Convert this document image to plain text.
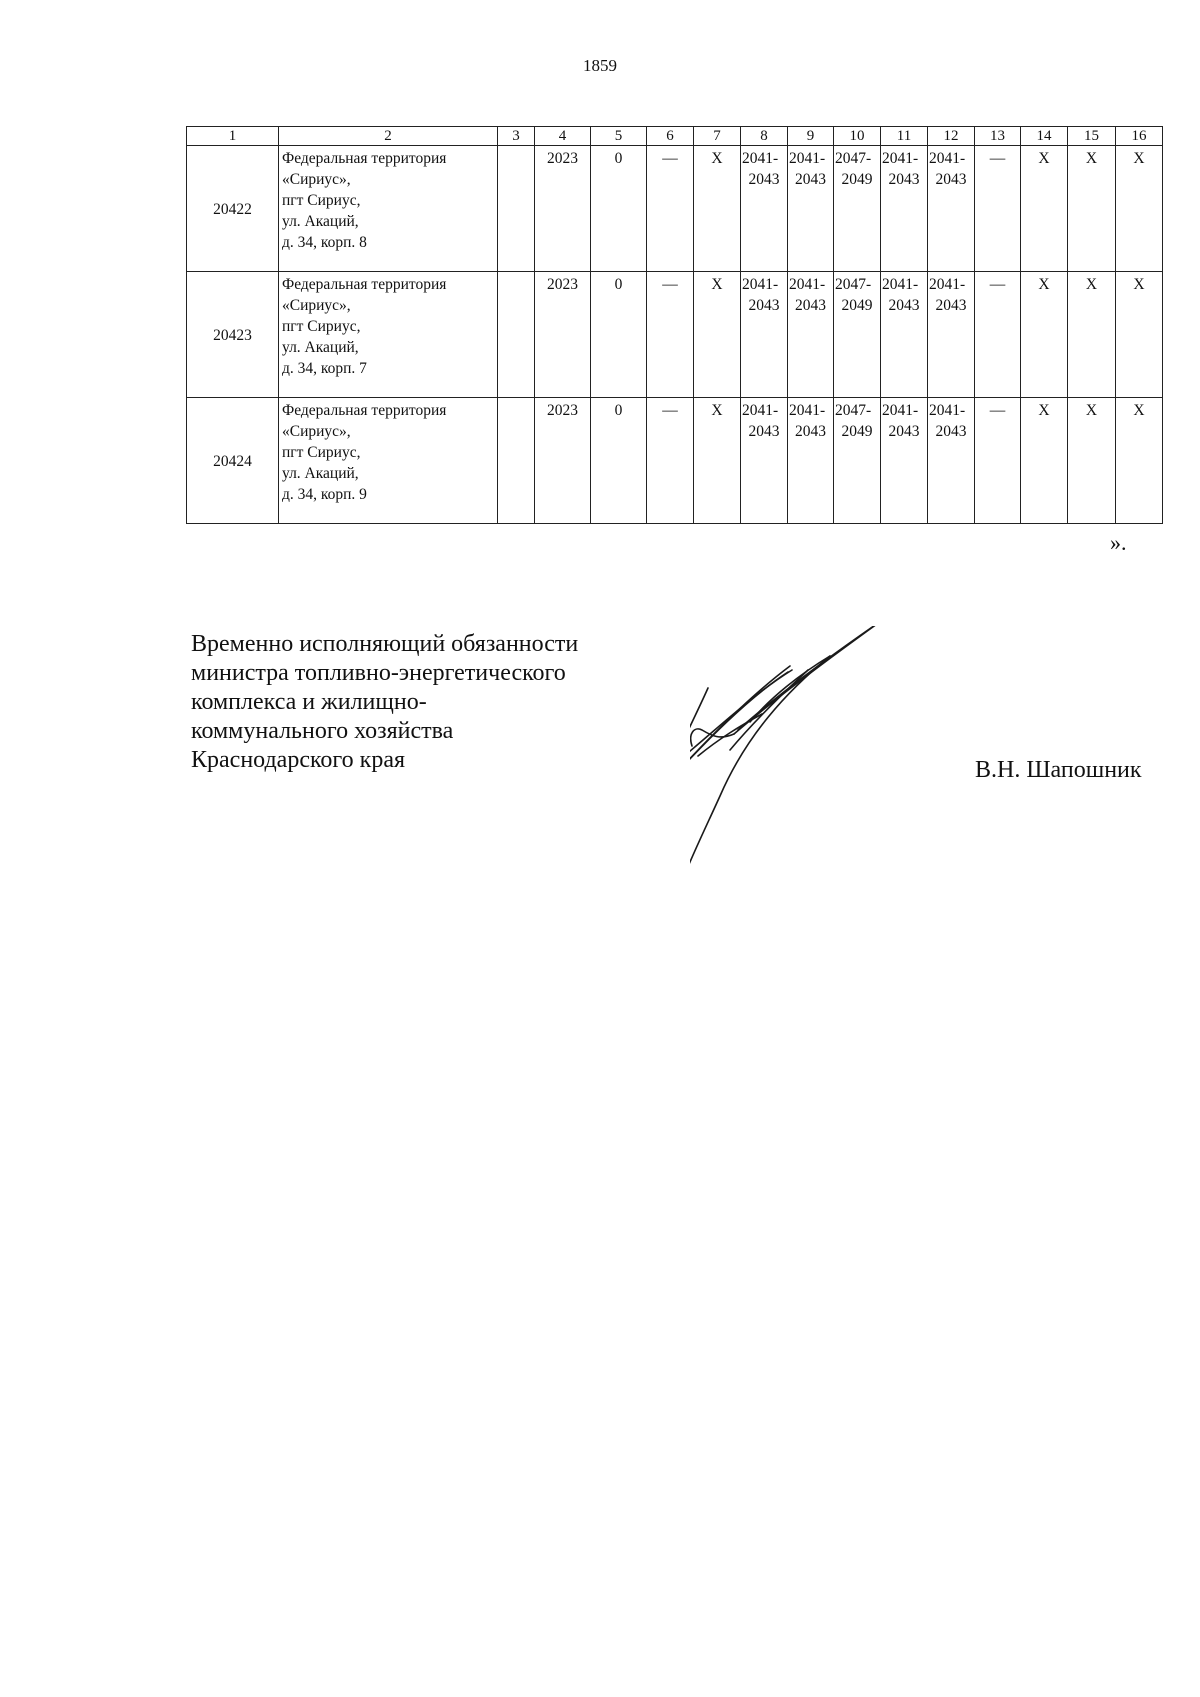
1859
1	2	3	4	5	6	7	8	9	10	11	12	13	14	15	16
20422	Федеральная территория
«Сириус»,
пгт Сириус,
ул. Акаций,
д. 34, корп. 8		2023	0	—	X	2041-
2043	2041-
2043	2047-
2049	2041-
2043	2041-
2043	—	X	X	X
20423	Федеральная территория
«Сириус»,
пгт Сириус,
ул. Акаций,
д. 34, корп. 7		2023	0	—	X	2041-
2043	2041-
2043	2047-
2049	2041-
2043	2041-
2043	—	X	X	X
20424	Федеральная территория
«Сириус»,
пгт Сириус,
ул. Акаций,
д. 34, корп. 9		2023	0	—	X	2041-
2043	2041-
2043	2047-
2049	2041-
2043	2041-
2043	—	X	X	X
».
Временно исполняющий обязанности
министра топливно-энергетического
комплекса и жилищно-
коммунального хозяйства
Краснодарского края	В.Н. Шапошник
